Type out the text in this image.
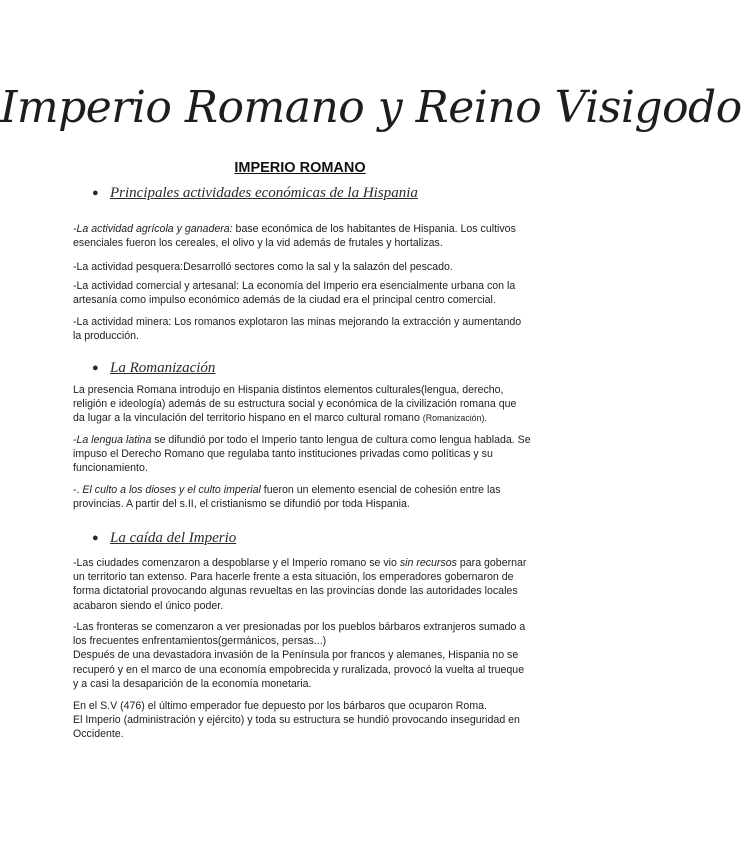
Imperio Romano y Reino Visigodo
IMPERIO ROMANO
● Principales actividades económicas de la Hispania
-La actividad agrícola y ganadera: base económica de los habitantes de Hispania. Los cultivos esenciales fueron los cereales, el olivo y la vid además de frutales y hortalizas.
-La actividad pesquera:Desarrolló sectores como la sal y la salazón del pescado.
-La actividad comercial y artesanal: La economía del Imperio era esencialmente urbana con la artesanía como impulso económico además de la ciudad era el principal centro comercial.
-La actividad minera: Los romanos explotaron las minas mejorando la extracción y aumentando la producción.
● La Romanización
La presencia Romana introdujo en Hispania distintos elementos culturales(lengua, derecho, religión e ideología) además de su estructura social y económica de la civilización romana que da lugar a la vinculación del territorio hispano en el marco cultural romano (Romanización).
-La lengua latina se difundió por todo el Imperio tanto lengua de cultura como lengua hablada. Se impuso el Derecho Romano que regulaba tanto instituciones privadas como políticas y su funcionamiento.
-. El culto a los dioses y el culto imperial fueron un elemento esencial de cohesión entre las provincias. A partir del s.II, el cristianismo se difundió por toda Hispania.
● La caída del Imperio
-Las ciudades comenzaron a despoblarse y el Imperio romano se vio sin recursos para gobernar un territorio tan extenso. Para hacerle frente a esta situación, los emperadores gobernaron de forma dictatorial provocando algunas revueltas en las provincias donde las autoridades locales acabaron siendo el único poder.
-Las fronteras se comenzaron a ver presionadas por los pueblos bárbaros extranjeros sumado a los frecuentes enfrentamientos(germánicos, persas...)
Después de una devastadora invasión de la Península por francos y alemanes, Hispania no se recuperó y en el marco de una economía empobrecida y ruralizada, provocó la vuelta al trueque y a casi la desaparición de la economía monetaria.
En el S.V (476) el último emperador fue depuesto por los bárbaros que ocuparon Roma.
El Imperio (administración y ejército) y toda su estructura se hundió provocando inseguridad en Occidente.
